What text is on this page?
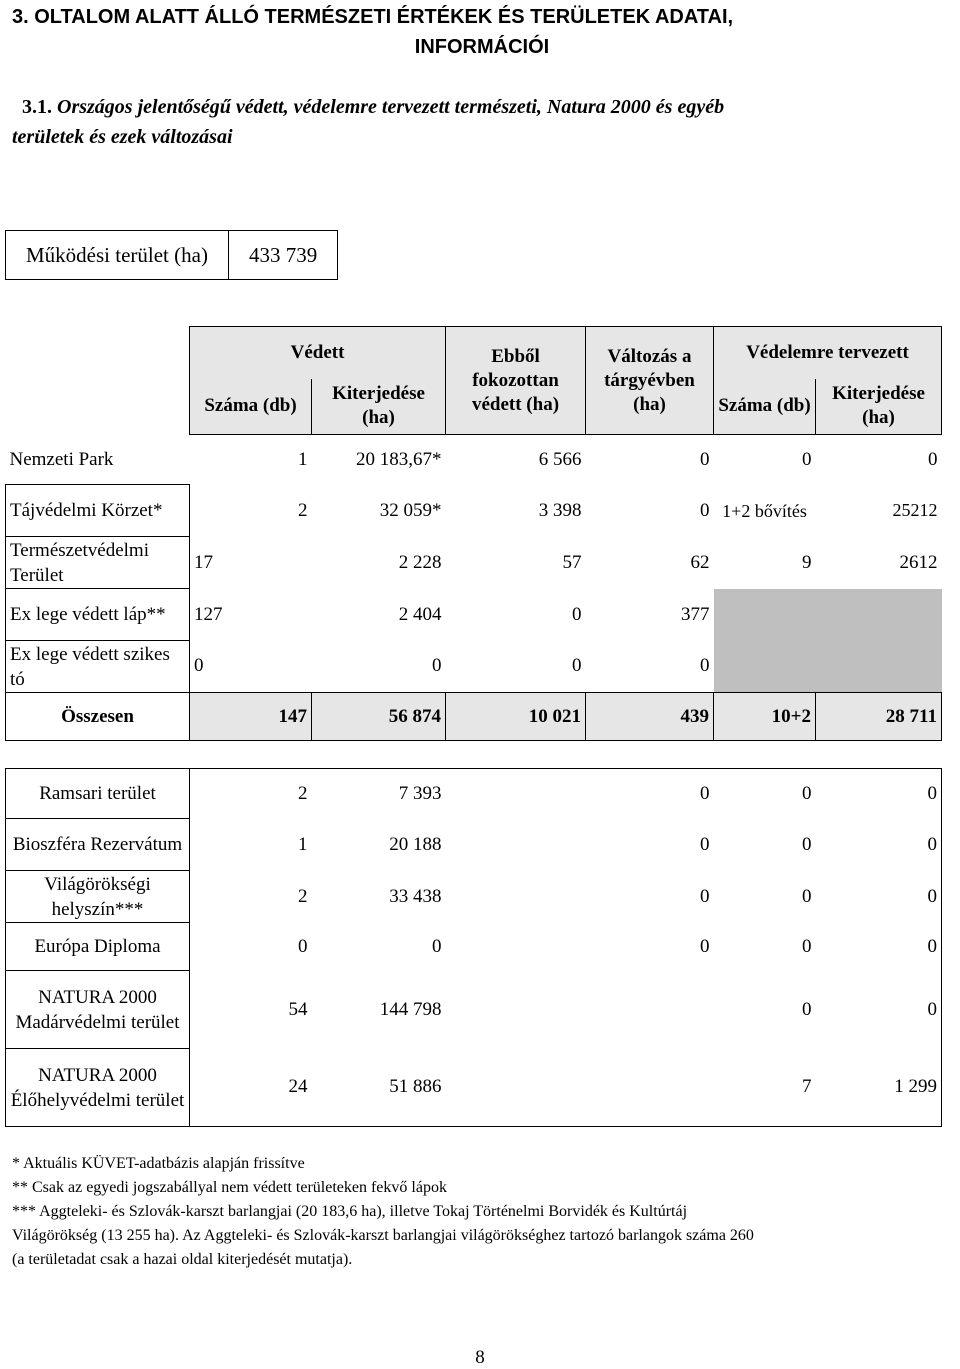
3. OLTALOM ALATT ÁLLÓ TERMÉSZETI ÉRTÉKEK ÉS TERÜLETEK ADATAI,
INFORMÁCIÓI
3.1. Országos jelentőségű védett, védelemre tervezett természeti, Natura 2000 és egyéb
területek és ezek változásai
Működési terület (ha)	433 739
	Védett		Ebből fokozottan védett (ha)	Változás a tárgyévben (ha)	Védelemre tervezett	
	Száma (db)	Kiterjedése (ha)			Száma (db)	Kiterjedése (ha)
Nemzeti Park	1	20 183,67*	6 566	0	0	0
Tájvédelmi Körzet*	2	32 059*	3 398	0	1+2 bővítés	25212
Természetvédelmi Terület	17	2 228	57	62	9	2612
Ex lege védett láp**	127	2 404	0	377		
Ex lege védett szikes tó	0	0	0	0		
Összesen	147	56 874	10 021	439	10+2	28 711
Ramsari terület	2	7 393		0	0	0
Bioszféra Rezervátum	1	20 188		0	0	0
Világörökségi helyszín***	2	33 438		0	0	0
Európa Diploma	0	0		0	0	0
NATURA 2000 Madárvédelmi terület	54	144 798			0	0
NATURA 2000 Élőhelyvédelmi terület	24	51 886			7	1 299

* Aktuális KÜVET-adatbázis alapján frissítve

** Csak az egyedi jogszabállyal nem védett területeken fekvő lápok

*** Aggteleki- és Szlovák-karszt barlangjai (20 183,6 ha), illetve Tokaj Történelmi Borvidék és Kultúrtáj

Világörökség (13 255 ha). Az Aggteleki- és Szlovák-karszt barlangjai világörökséghez tartozó barlangok száma 260

(a területadat csak a hazai oldal kiterjedését mutatja).

8
